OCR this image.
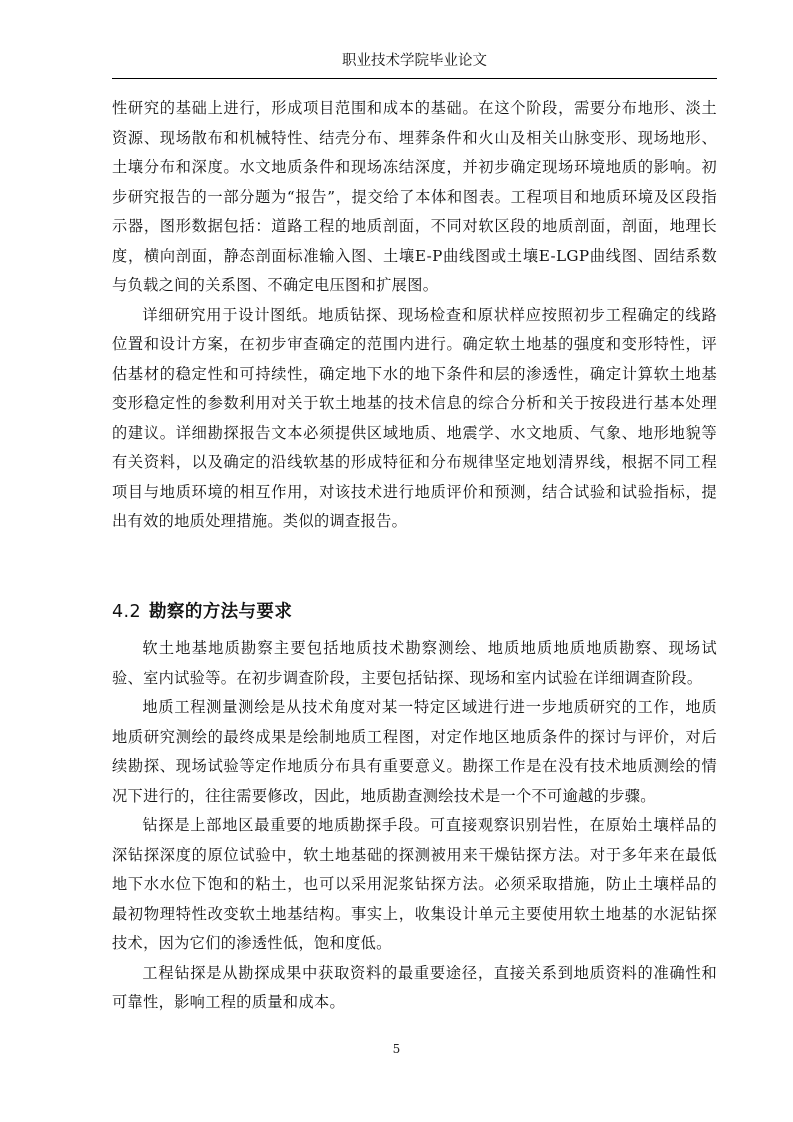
职业技术学院毕业论文

性研究的基础上进行，形成项目范围和成本的基础。在这个阶段，需要分布地形、淡土资源、现场散布和机械特性、结壳分布、埋葬条件和火山及相关山脉变形、现场地形、土壤分布和深度。水文地质条件和现场冻结深度，并初步确定现场环境地质的影响。初步研究报告的一部分题为“报告”，提交给了本体和图表。工程项目和地质环境及区段指示器，图形数据包括：道路工程的地质剖面，不同对软区段的地质剖面，剖面，地理长度，横向剖面，静态剖面标准输入图、土壤E-P曲线图或土壤E-LGP曲线图、固结系数与负载之间的关系图、不确定电压图和扩展图。

详细研究用于设计图纸。地质钻探、现场检查和原状样应按照初步工程确定的线路位置和设计方案，在初步审查确定的范围内进行。确定软土地基的强度和变形特性，评估基材的稳定性和可持续性，确定地下水的地下条件和层的渗透性，确定计算软土地基变形稳定性的参数利用对关于软土地基的技术信息的综合分析和关于按段进行基本处理的建议。详细勘探报告文本必须提供区域地质、地震学、水文地质、气象、地形地貌等有关资料，以及确定的沿线软基的形成特征和分布规律坚定地划清界线，根据不同工程项目与地质环境的相互作用，对该技术进行地质评价和预测，结合试验和试验指标，提出有效的地质处理措施。类似的调查报告。

4.2 勘察的方法与要求

软土地基地质勘察主要包括地质技术勘察测绘、地质地质地质地质勘察、现场试验、室内试验等。在初步调查阶段，主要包括钻探、现场和室内试验在详细调查阶段。

地质工程测量测绘是从技术角度对某一特定区域进行进一步地质研究的工作，地质地质研究测绘的最终成果是绘制地质工程图，对定作地区地质条件的探讨与评价，对后续勘探、现场试验等定作地质分布具有重要意义。勘探工作是在没有技术地质测绘的情况下进行的，往往需要修改，因此，地质勘查测绘技术是一个不可逾越的步骤。

钻探是上部地区最重要的地质勘探手段。可直接观察识别岩性，在原始土壤样品的深钻探深度的原位试验中，软土地基础的探测被用来干燥钻探方法。对于多年来在最低地下水水位下饱和的粘土，也可以采用泥浆钻探方法。必须采取措施，防止土壤样品的最初物理特性改变软土地基结构。事实上，收集设计单元主要使用软土地基的水泥钻探技术，因为它们的渗透性低，饱和度低。

工程钻探是从勘探成果中获取资料的最重要途径，直接关系到地质资料的准确性和可靠性，影响工程的质量和成本。

5
